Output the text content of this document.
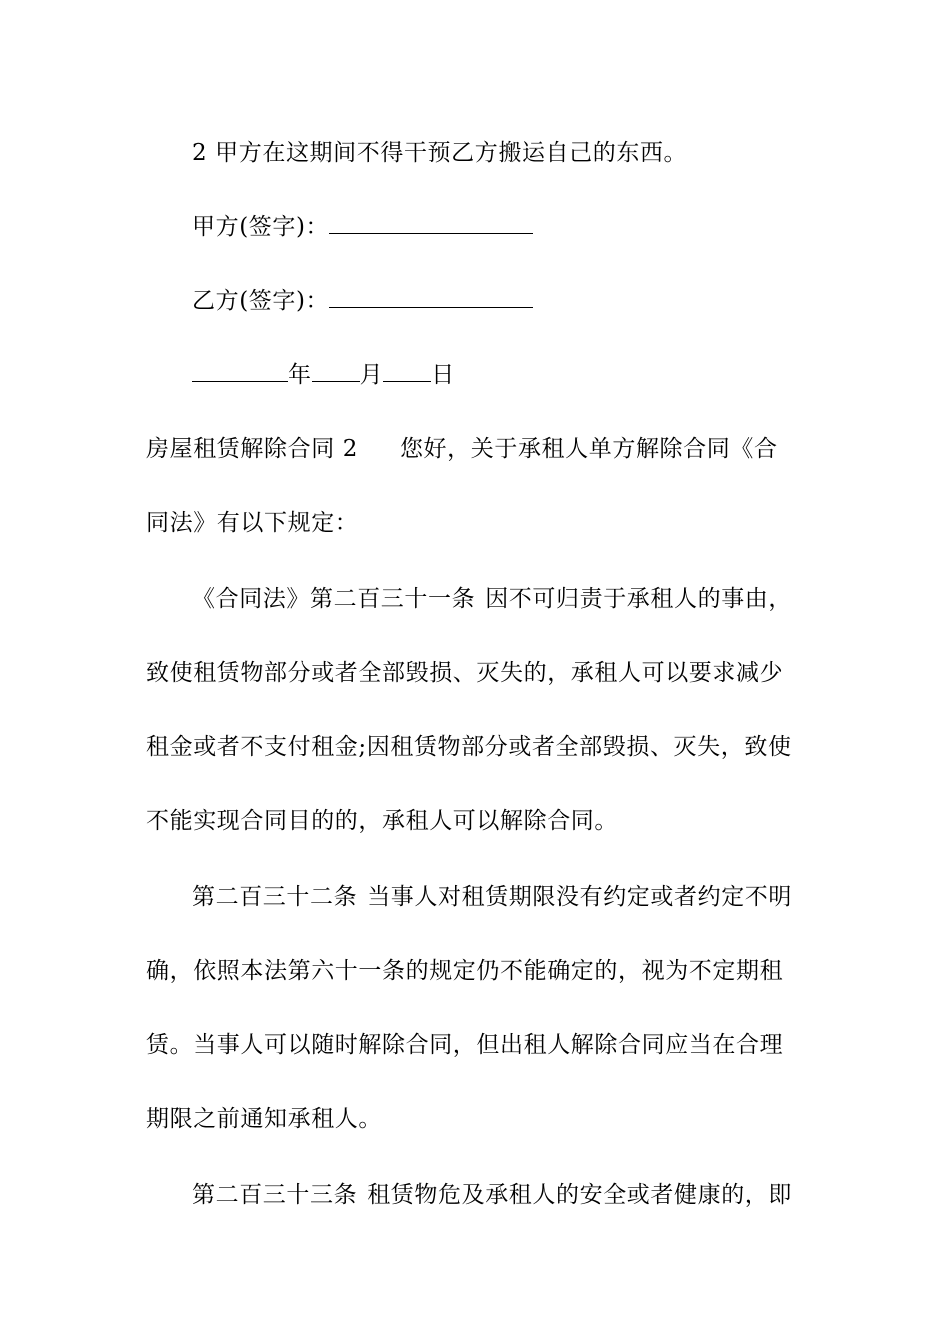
2 甲方在这期间不得干预乙方搬运自己的东西。
甲方(签字)：
乙方(签字)：
年 月 日
房屋租赁解除合同 2 您好，关于承租人单方解除合同《合
同法》有以下规定：
《合同法》第二百三十一条 因不可归责于承租人的事由，
致使租赁物部分或者全部毁损、灭失的，承租人可以要求减少
租金或者不支付租金;因租赁物部分或者全部毁损、灭失，致使
不能实现合同目的的，承租人可以解除合同。
第二百三十二条 当事人对租赁期限没有约定或者约定不明
确，依照本法第六十一条的规定仍不能确定的，视为不定期租
赁。当事人可以随时解除合同，但出租人解除合同应当在合理
期限之前通知承租人。
第二百三十三条 租赁物危及承租人的安全或者健康的，即
